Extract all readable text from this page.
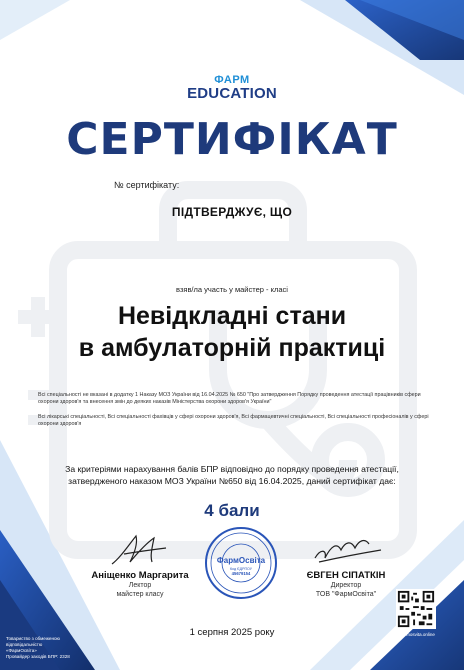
ФАРМ
EDUCATION
СЕРТИФІКАТ
№ сертифікату:
ПІДТВЕРДЖУЄ, ЩО
взяв/ла участь у майстер - класі
Невідкладні стани
в амбулаторній практиці

Всі спеціальності не вказані в додатку 1 Наказу МОЗ України від 16.04.2025 № 650 "Про затвердження Порядку проведення атестації працівників сфери охорони здоров'я та внесення змін до деяких наказів Міністерства охорони здоров'я України"

Всі лікарські спеціальності, Всі спеціальності фахівців у сфері охорони здоров'я, Всі фармацевтичні спеціальності, Всі спеціальності професіоналів у сфері охорони здоров'я

За критеріями нарахування балів БПР відповідно до порядку проведення атестації,
затвердженого наказом МОЗ України №650 від 16.04.2025, даний сертифікат дає:
4 бали
Аніщенко Маргарита
Лектор
майстер класу
ФармОсвіта
Код ЄДРПОУ
45679154	ЄВГЕН СІПАТКІН
Директор
ТОВ "ФармОсвіта"
1 серпня 2025 року
Товариство з обмеженою
відповідальністю
«ФармОсвіта»
Провайдер заходів БПР: 2328
pharmosvita.online
